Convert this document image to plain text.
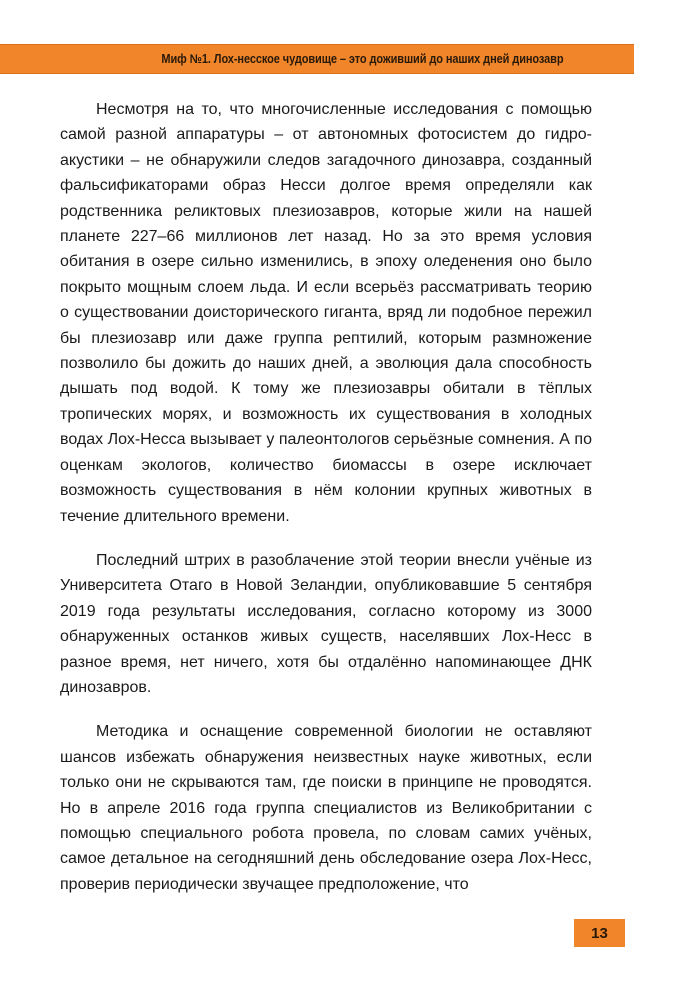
Миф №1. Лох-несское чудовище – это доживший до наших дней динозавр

Несмотря на то, что многочисленные исследования с помощью самой разной аппаратуры – от автономных фотосистем до гидроакустики – не обнаружили следов загадочного динозавра, созданный фальсификаторами образ Несси долгое время определяли как родственника реликтовых плезиозавров, которые жили на нашей планете 227–66 миллионов лет назад. Но за это время условия обитания в озере сильно изменились, в эпоху оледенения оно было покрыто мощным слоем льда. И если всерьёз рассматривать теорию о существовании доисторического гиганта, вряд ли подобное пережил бы плезиозавр или даже группа рептилий, которым размножение позволило бы дожить до наших дней, а эволюция дала способность дышать под водой. К тому же плезиозавры обитали в тёплых тропических морях, и возможность их существования в холодных водах Лох-Несса вызывает у палеонтологов серьёзные сомнения. А по оценкам экологов, количество биомассы в озере исключает возможность существования в нём колонии крупных животных в течение длительного времени.

Последний штрих в разоблачение этой теории внесли учёные из Университета Отаго в Новой Зеландии, опубликовавшие 5 сентября 2019 года результаты исследования, согласно которому из 3000 обнаруженных останков живых существ, населявших Лох-Несс в разное время, нет ничего, хотя бы отдалённо напоминающее ДНК динозавров.

Методика и оснащение современной биологии не оставляют шансов избежать обнаружения неизвестных науке животных, если только они не скрываются там, где поиски в принципе не проводятся. Но в апреле 2016 года группа специалистов из Великобритании с помощью специального робота провела, по словам самих учёных, самое детальное на сегодняшний день обследование озера Лох-Несс, проверив периодически звучащее предположение, что

13
